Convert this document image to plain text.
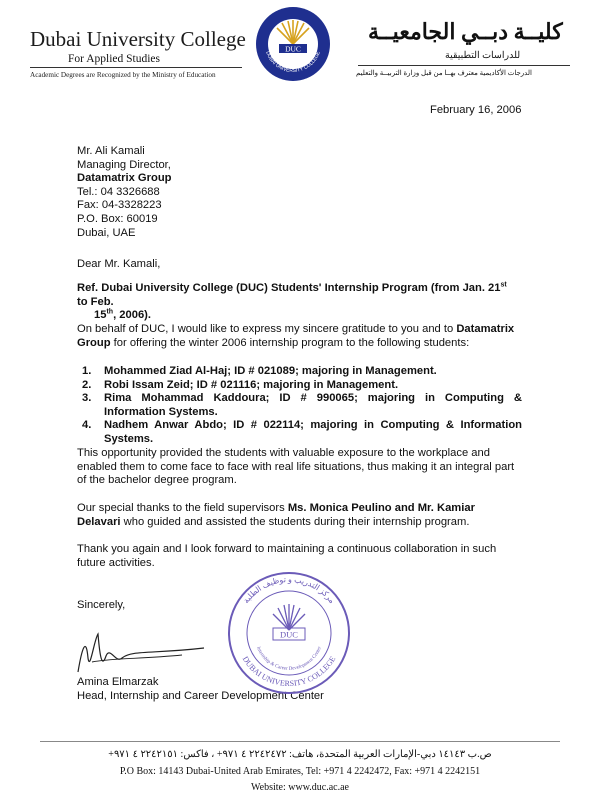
Dubai University College
For Applied Studies
Academic Degrees are Recognized by the Ministry of Education
DUC
DUBAI UNIVERSITY COLLEGE
كليــة دبــي الجامعيــة
للدراسات التطبيقية
الدرجات الأكاديمية معترف بهــا من قبل وزارة التربيــة والتعليم
February 16, 2006
Mr. Ali Kamali
Managing Director,
Datamatrix Group
Tel.: 04 3326688
Fax: 04-3328223
P.O. Box: 60019
Dubai, UAE
Dear Mr. Kamali,
Ref. Dubai University College (DUC) Students' Internship Program (from Jan. 21st to Feb.
15th, 2006).

On behalf of DUC, I would like to express my sincere gratitude to you and to Datamatrix Group for offering the winter 2006 internship program to the following students:

1.	Mohammed Ziad Al-Haj; ID # 021089; majoring in Management.
2.	Robi Issam Zeid; ID # 021116; majoring in Management.
3.	Rima Mohammad Kaddoura; ID # 990065; majoring in Computing & Information Systems.
4.	Nadhem Anwar Abdo; ID # 022114; majoring in Computing & Information Systems.

This opportunity provided the students with valuable exposure to the workplace and enabled them to come face to face with real life situations, thus making it an integral part of the bachelor degree program.

Our special thanks to the field supervisors Ms. Monica Peulino and Mr. Kamiar Delavari who guided and assisted the students during their internship program.

Thank you again and I look forward to maintaining a continuous collaboration in such future activities.

Sincerely,
Amina Elmarzak
Head, Internship and Career Development Center
DUC
Internship & Career Development Center
DUBAI UNIVERSITY COLLEGE
مركز التدريب و توظيف الطلبة
ص.ب ١٤١٤٣ دبي-الإمارات العربية المتحدة، هاتف: ٢٢٤٢٤٧٢ ٤ ٩٧١+ ، فاكس: ٢٢٤٢١٥١ ٤ ٩٧١+
P.O Box: 14143 Dubai-United Arab Emirates, Tel: +971 4 2242472, Fax: +971 4 2242151
Website: www.duc.ac.ae
